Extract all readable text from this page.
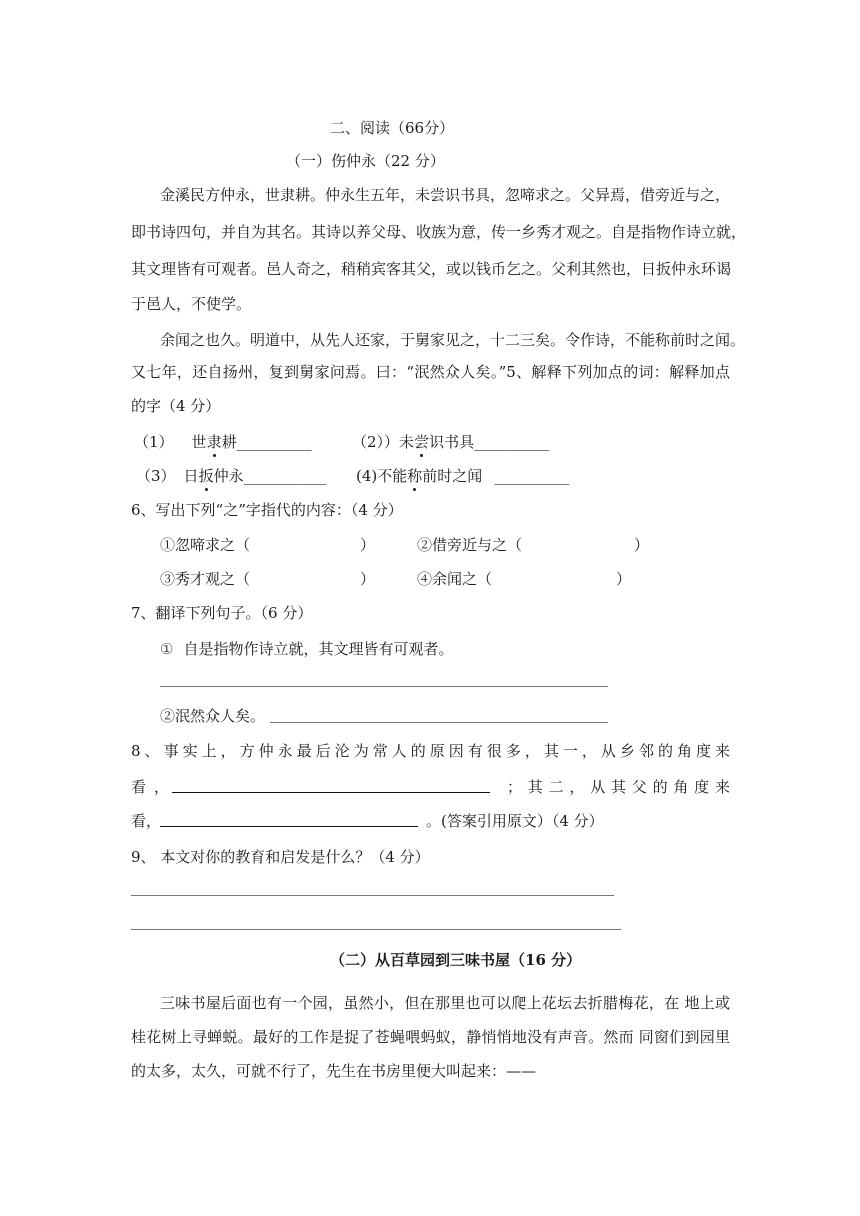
二、阅读（66分）
（一）伤仲永（22 分）
金溪民方仲永，世隶耕。仲永生五年，未尝识书具，忽啼求之。父异焉，借旁近与之，
即书诗四句，并自为其名。其诗以养父母、收族为意，传一乡秀才观之。自是指物作诗立就，
其文理皆有可观者。邑人奇之，稍稍宾客其父，或以钱币乞之。父利其然也，日扳仲永环谒
于邑人，不使学。
余闻之也久。明道中，从先人还家，于舅家见之，十二三矣。令作诗，不能称前时之闻。
又七年，还自扬州，复到舅家问焉。曰：“泯然众人矣。”5、解释下列加点的词：解释加点
的字（4 分）
（1） 世隶耕__________	（2））未尝识书具__________
（3） 日扳仲永___________ (4)不能称前时之闻 __________
6、写出下列“之”字指代的内容：（4 分）
①忽啼求之（	）	②借旁近与之（	）
③秀才观之（	）	④余闻之（	）
7、翻译下列句子。（6 分）
① 自是指物作诗立就，其文理皆有可观者。
②泯然众人矣。
8、事实上，方仲永最后沦为常人的原因有很多，其一，从乡邻的角度来
看，	；其二，从其父的角度来
看，	。(答案引用原文）（4 分）
9、 本文对你的教育和启发是什么？（4 分）
（二）从百草园到三味书屋（16 分）
三味书屋后面也有一个园，虽然小，但在那里也可以爬上花坛去折腊梅花，在 地上或
桂花树上寻蝉蜕。最好的工作是捉了苍蝇喂蚂蚁，静悄悄地没有声音。然而 同窗们到园里
的太多，太久，可就不行了，先生在书房里便大叫起来：——
